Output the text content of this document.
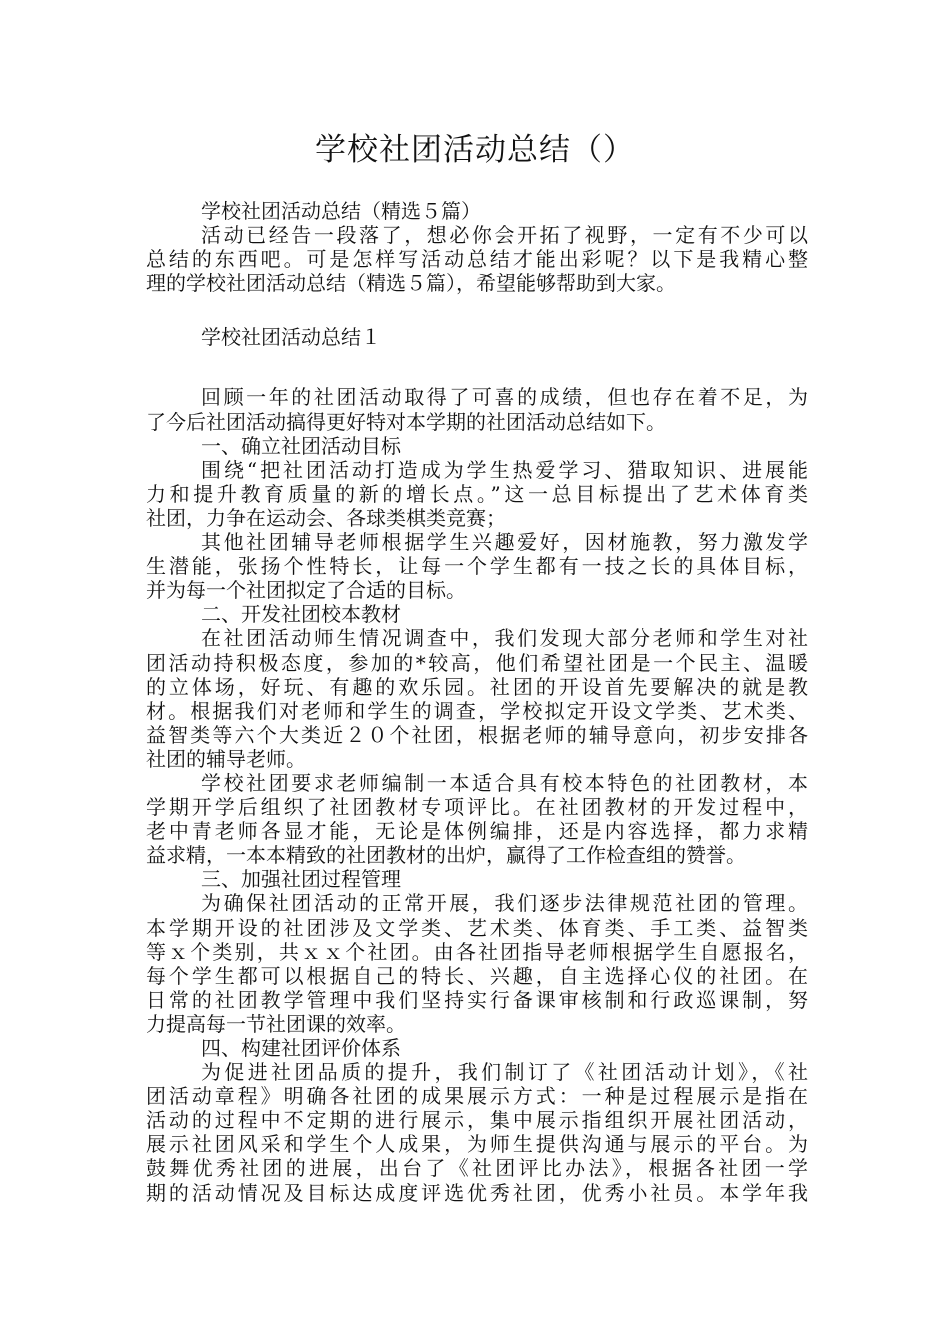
学校社团活动总结（）
学校社团活动总结（精选５篇）
活动已经告一段落了，想必你会开拓了视野，一定有不少可以
总结的东西吧。可是怎样写活动总结才能出彩呢？以下是我精心整
理的学校社团活动总结（精选５篇），希望能够帮助到大家。
学校社团活动总结１
回顾一年的社团活动取得了可喜的成绩，但也存在着不足，为
了今后社团活动搞得更好特对本学期的社团活动总结如下。
一、确立社团活动目标
围绕“把社团活动打造成为学生热爱学习、猎取知识、进展能
力和提升教育质量的新的增长点。”这一总目标提出了艺术体育类
社团，力争在运动会、各球类棋类竞赛；
其他社团辅导老师根据学生兴趣爱好，因材施教，努力激发学
生潜能，张扬个性特长，让每一个学生都有一技之长的具体目标，
并为每一个社团拟定了合适的目标。
二、开发社团校本教材
在社团活动师生情况调查中，我们发现大部分老师和学生对社
团活动持积极态度，参加的*较高，他们希望社团是一个民主、温暖
的立体场，好玩、有趣的欢乐园。社团的开设首先要解决的就是教
材。根据我们对老师和学生的调查，学校拟定开设文学类、艺术类、
益智类等六个大类近２０个社团，根据老师的辅导意向，初步安排各
社团的辅导老师。
学校社团要求老师编制一本适合具有校本特色的社团教材，本
学期开学后组织了社团教材专项评比。在社团教材的开发过程中，
老中青老师各显才能，无论是体例编排，还是内容选择，都力求精
益求精，一本本精致的社团教材的出炉，赢得了工作检查组的赞誉。
三、加强社团过程管理
为确保社团活动的正常开展，我们逐步法律规范社团的管理。
本学期开设的社团涉及文学类、艺术类、体育类、手工类、益智类
等ｘ个类别，共ｘｘ个社团。由各社团指导老师根据学生自愿报名，
每个学生都可以根据自己的特长、兴趣，自主选择心仪的社团。在
日常的社团教学管理中我们坚持实行备课审核制和行政巡课制，努
力提高每一节社团课的效率。
四、构建社团评价体系
为促进社团品质的提升，我们制订了《社团活动计划》，《社
团活动章程》明确各社团的成果展示方式：一种是过程展示是指在
活动的过程中不定期的进行展示，集中展示指组织开展社团活动，
展示社团风采和学生个人成果，为师生提供沟通与展示的平台。为
鼓舞优秀社团的进展，出台了《社团评比办法》，根据各社团一学
期的活动情况及目标达成度评选优秀社团，优秀小社员。本学年我
